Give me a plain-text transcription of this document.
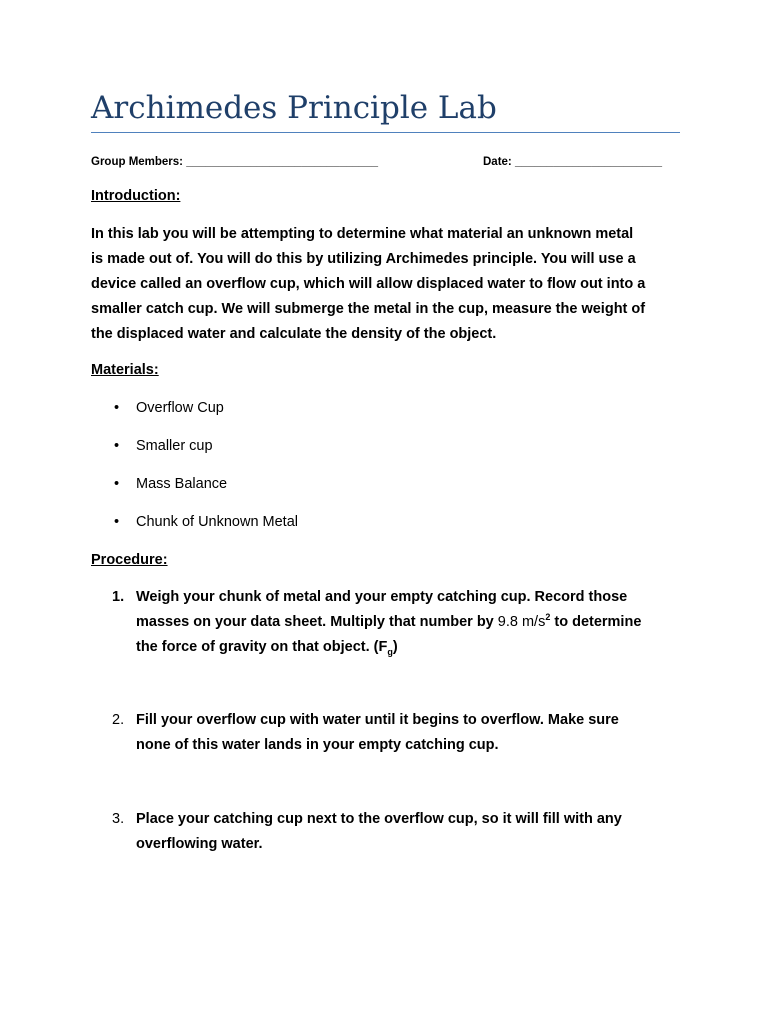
Archimedes Principle Lab
Group Members: ______________________________	Date: _______________________
Introduction:
In this lab you will be attempting to determine what material an unknown metal
is made out of. You will do this by utilizing Archimedes principle. You will use a
device called an overflow cup, which will allow displaced water to flow out into a
smaller catch cup. We will submerge the metal in the cup, measure the weight of
the displaced water and calculate the density of the object.
Materials:
• Overflow Cup
• Smaller cup
• Mass Balance
• Chunk of Unknown Metal
Procedure:
1. Weigh your chunk of metal and your empty catching cup. Record those
masses on your data sheet. Multiply that number by 9.8 $m/s^2$ to determine
the force of gravity on that object. $(F_g)$
2. Fill your overflow cup with water until it begins to overflow. Make sure
none of this water lands in your empty catching cup.
3. Place your catching cup next to the overflow cup, so it will fill with any
overflowing water.
